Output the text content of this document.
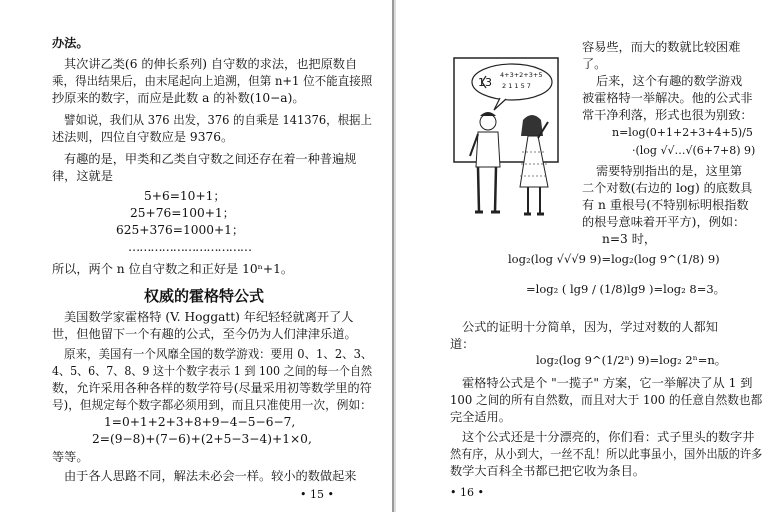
办法。
其次讲乙类(6 的伸长系列) 自守数的求法，也把原数自
乘，得出结果后，由末尾起向上追溯，但第 n+1 位不能直接照
抄原来的数字，而应是此数 a 的补数(10−a)。
譬如说，我们从 376 出发，376 的自乘是 141376，根据上
述法则，四位自守数应是 9376。
有趣的是，甲类和乙类自守数之间还存在着一种普遍规
律，这就是
5+6=10+1；
25+76=100+1；
625+376=1000+1；
……………………………
所以，两个 n 位自守数之和正好是 10ⁿ+1。
权威的霍格特公式
美国数学家霍格特 (V. Hoggatt) 年纪轻轻就离开了人
世，但他留下一个有趣的公式，至今仍为人们津津乐道。
原来，美国有一个风靡全国的数学游戏：要用 0、1、2、3、
4、5、6、7、8、9 这十个数字表示 1 到 100 之间的每一个自然
数，允许采用各种各样的数学符号(尽量采用初等数学里的符
号)，但规定每个数字都必须用到，而且只准使用一次，例如：
1=0+1+2+3+8+9−4−5−6−7,
2=(9−8)+(7−6)+(2+5−3−4)+1×0,
等等。
由于各人思路不同，解法未必会一样。较小的数做起来
• 15 •
容易些，而大的数就比较困难
了。
13
4+3+2+3+5
2 1 1 5 7	后来，这个有趣的数学游戏
被霍格特一举解决。他的公式非
常干净利落，形式也很为别致：
n=log(0+1+2+3+4+5)/5
·(log √√…√(6+7+8) 9)
需要特别指出的是，这里第
二个对数(右边的 log) 的底数具
有 n 重根号(不特别标明根指数
的根号意味着开平方)，例如：
n=3 时，
log₂(log √√√9 9)=log₂(log 9^(1/8) 9)
=log₂ ( lg9 / (1/8)lg9 )=log₂ 8=3。
公式的证明十分简单，因为，学过对数的人都知
道：
log₂(log 9^(1/2ⁿ) 9)=log₂ 2ⁿ=n。
霍格特公式是个 "一揽子" 方案，它一举解决了从 1 到
100 之间的所有自然数，而且对大于 100 的任意自然数也都
完全适用。
这个公式还是十分漂亮的，你们看：式子里头的数字井
然有序，从小到大，一丝不乱！所以此事虽小，国外出版的许多
数学大百科全书都已把它收为条目。
• 16 •
